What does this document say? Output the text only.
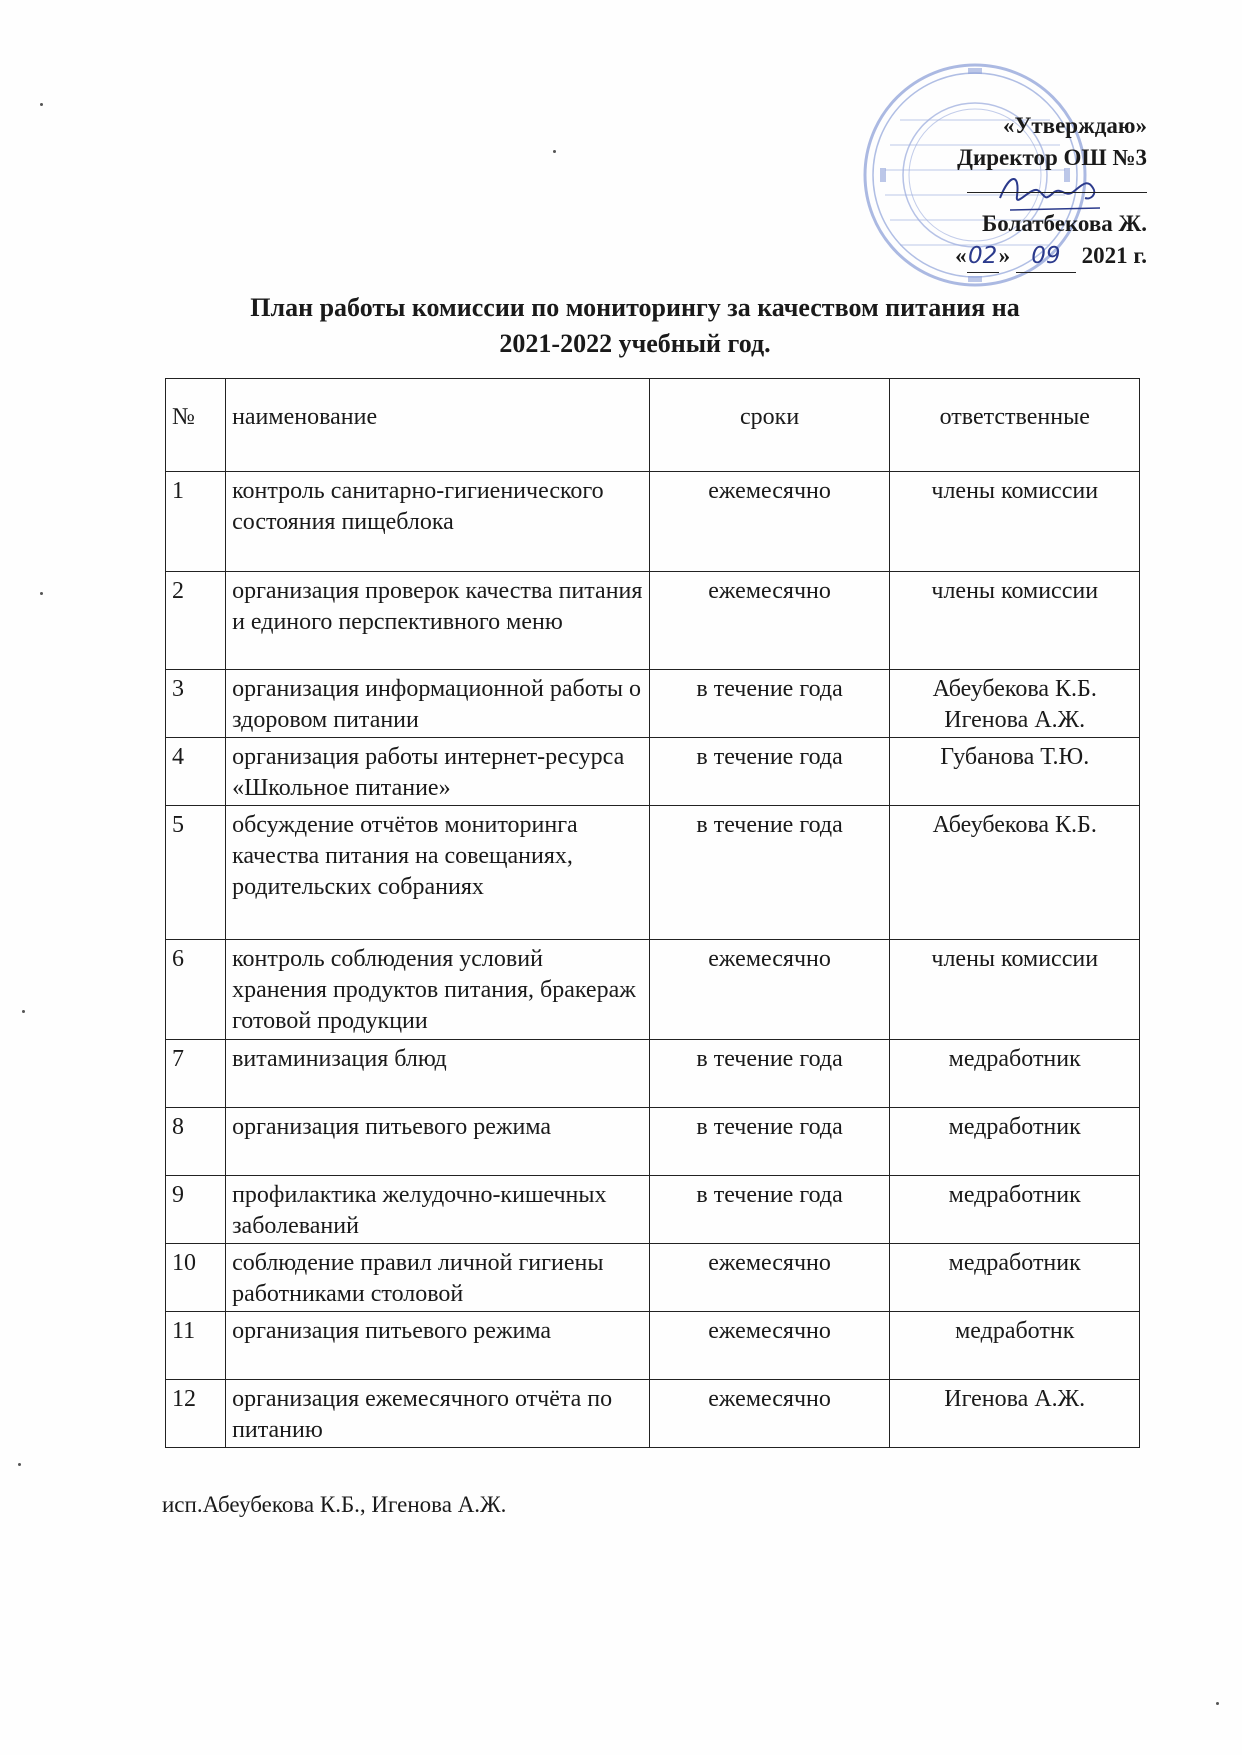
«Утверждаю»
Директор ОШ №3
Болатбекова Ж.
«02» 09 2021 г.
План работы комиссии по мониторингу за качеством питания на
2021-2022 учебный год.
№	наименование	сроки	ответственные
1	контроль санитарно-гигиенического состояния пищеблока	ежемесячно	члены комиссии
2	организация проверок качества питания и единого перспективного меню	ежемесячно	члены комиссии
3	организация информационной работы о здоровом питании	в течение года	Абеубекова К.Б. Игенова А.Ж.
4	организация работы интернет-ресурса «Школьное питание»	в течение года	Губанова Т.Ю.
5	обсуждение отчётов мониторинга качества питания на совещаниях, родительских собраниях	в течение года	Абеубекова К.Б.
6	контроль соблюдения условий хранения продуктов питания, бракераж готовой продукции	ежемесячно	члены комиссии
7	витаминизация блюд	в течение года	медработник
8	организация питьевого режима	в течение года	медработник
9	профилактика желудочно-кишечных заболеваний	в течение года	медработник
10	соблюдение правил личной гигиены работниками столовой	ежемесячно	медработник
11	организация питьевого режима	ежемесячно	медработнк
12	организация ежемесячного отчёта по питанию	ежемесячно	Игенова А.Ж.
исп.Абеубекова К.Б., Игенова А.Ж.
